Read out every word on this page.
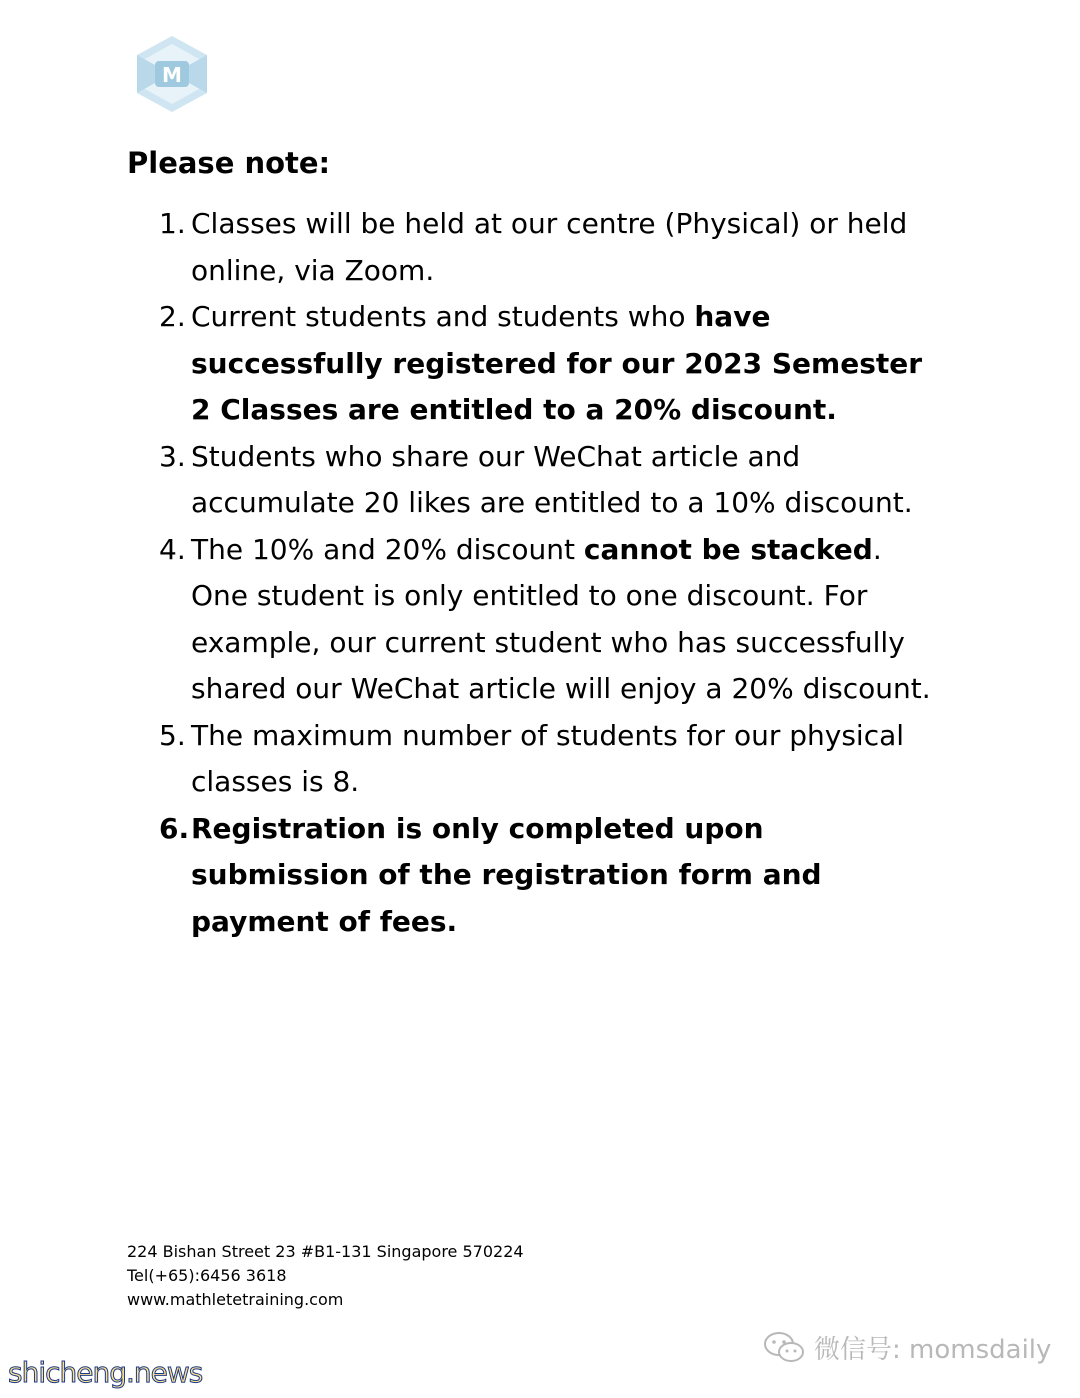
M
Please note:
1. Classes will be held at our centre (Physical) or held online, via Zoom.
2. Current students and students who have successfully registered for our 2023 Semester 2 Classes are entitled to a 20% discount.
3. Students who share our WeChat article and accumulate 20 likes are entitled to a 10% discount.
4. The 10% and 20% discount cannot be stacked. One student is only entitled to one discount. For example, our current student who has successfully shared our WeChat article will enjoy a 20% discount.
5. The maximum number of students for our physical classes is 8.
6. Registration is only completed upon submission of the registration form and payment of fees.
224 Bishan Street 23 #B1-131 Singapore 570224
Tel(+65):6456 3618
www.mathletetraining.com
微信号: momsdaily
shicheng.news
